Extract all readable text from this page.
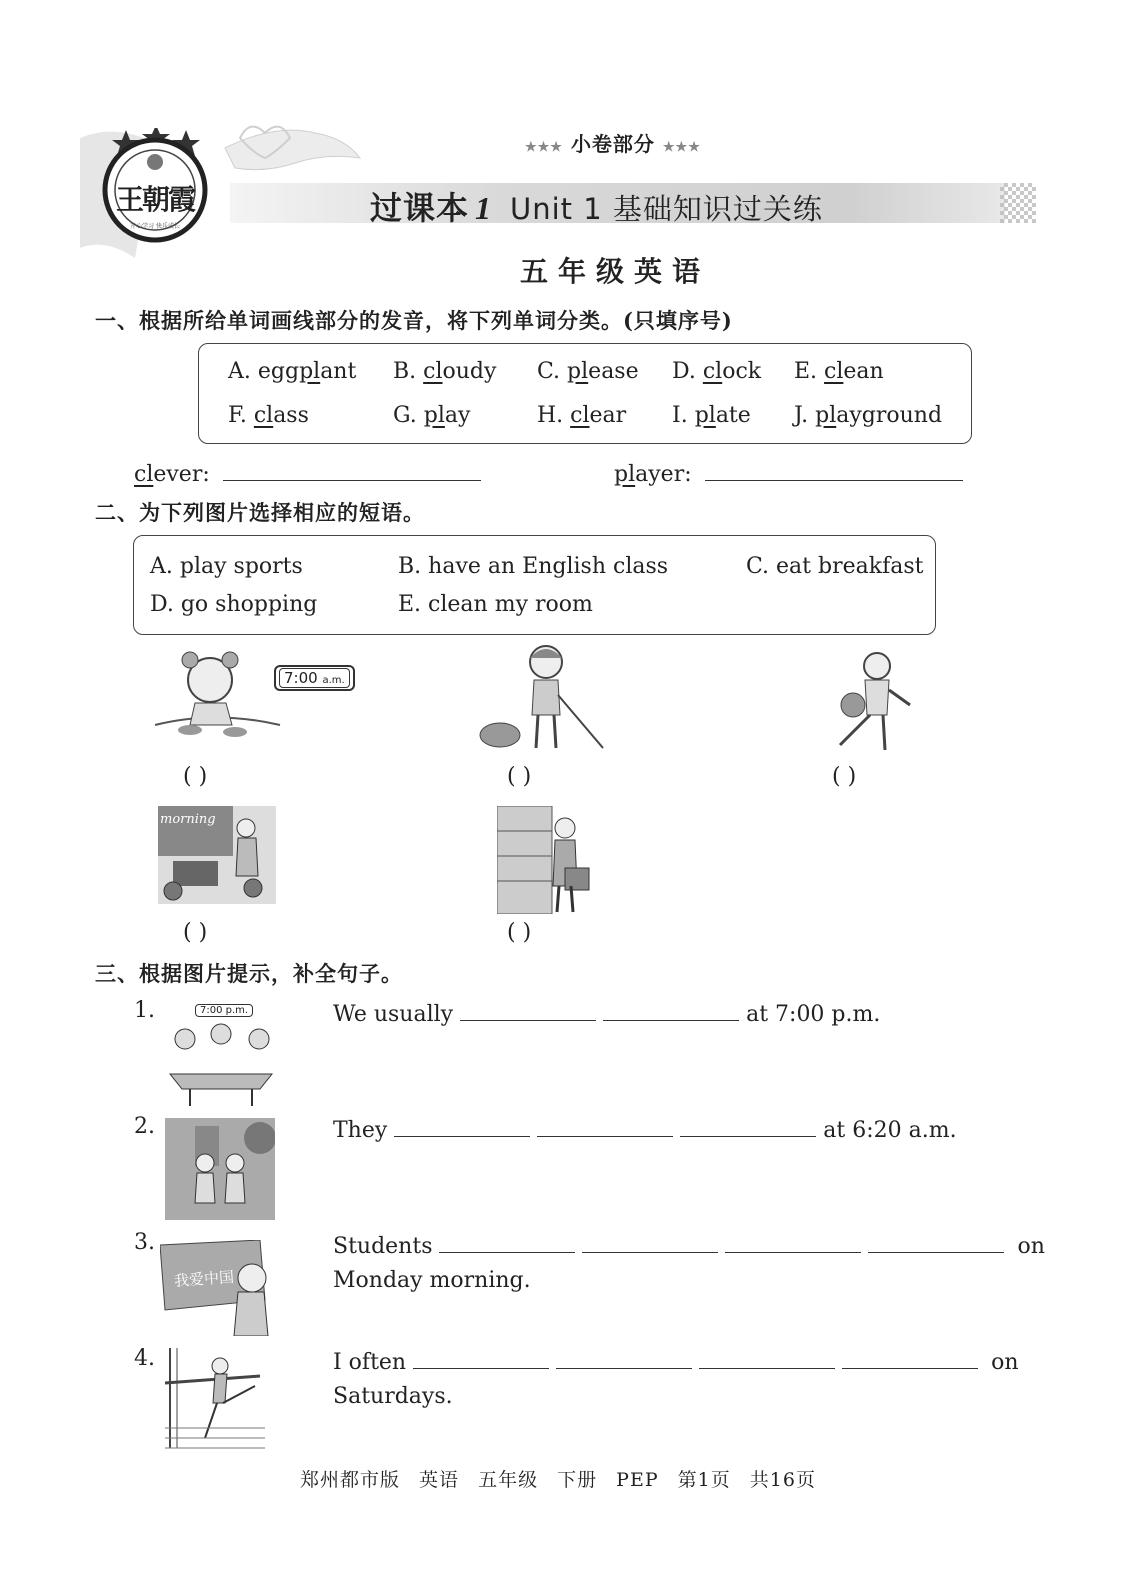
开心学习 快乐成长
王朝霞
★★★ 小卷部分 ★★★
过课本 1 Unit 1 基础知识过关练
五年级英语
一、根据所给单词画线部分的发音，将下列单词分类。(只填序号)
A. eggplant B. cloudy C. please D. clock E. clean
F. class	G. play	H. clear I. plate J. playground
clever:	player:
二、为下列图片选择相应的短语。
A. play sports	B. have an English class	C. eat breakfast
D. go shopping	E. clean my room
7:00 a.m.
( )	( )	( )
morning
( )	( )
三、根据图片提示，补全句子。
1.	7:00 p.m.	We usually	at 7:00 p.m.
2.	They	at 6:20 a.m.
3.
我爱中国
Students	on
Monday morning.
4.	I often	on
Saturdays.
郑州都市版 英语 五年级 下册 PEP 第1页 共16页
